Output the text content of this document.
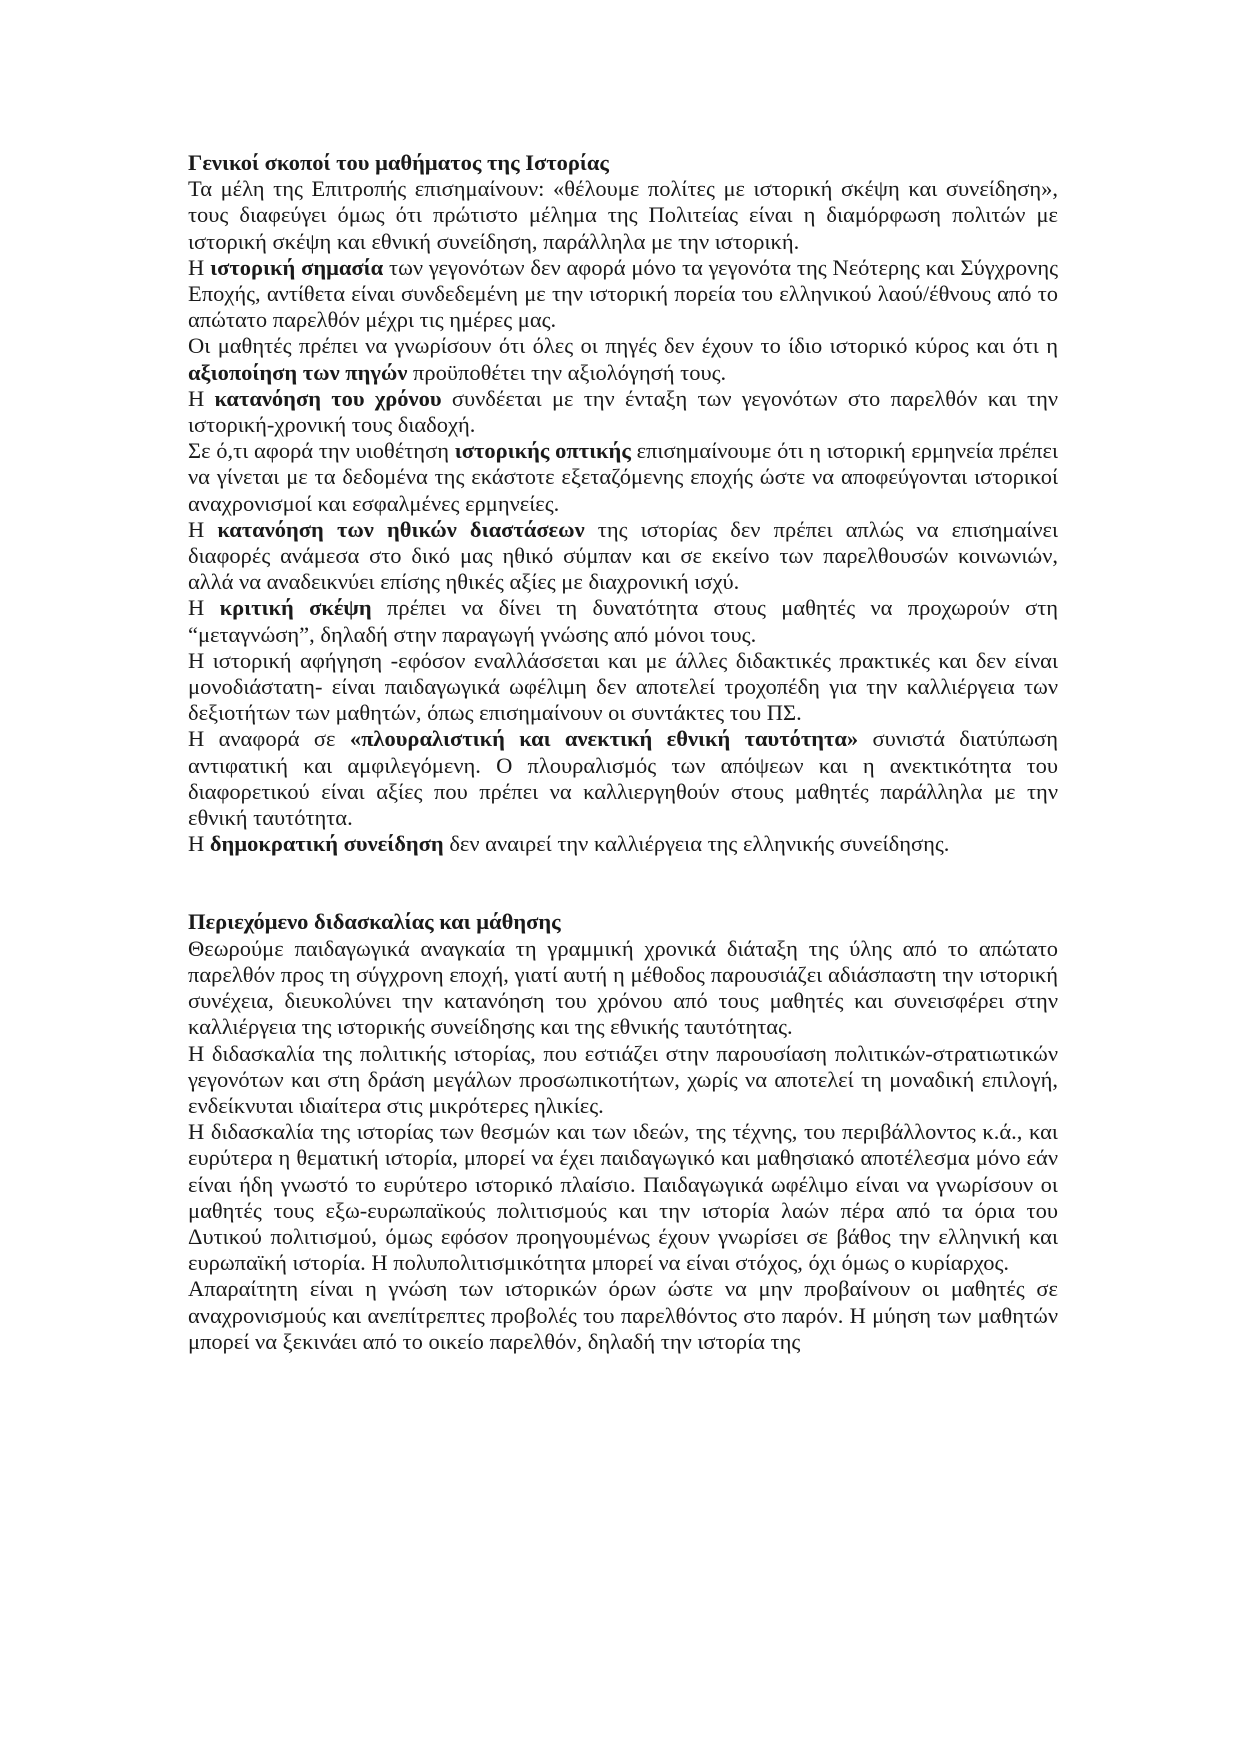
Γενικοί σκοποί του μαθήματος της Ιστορίας

Τα μέλη της Επιτροπής επισημαίνουν: «θέλουμε πολίτες με ιστορική σκέψη και συνείδηση», τους διαφεύγει όμως ότι πρώτιστο μέλημα της Πολιτείας είναι η διαμόρφωση πολιτών με ιστορική σκέψη και εθνική συνείδηση, παράλληλα με την ιστορική.

Η ιστορική σημασία των γεγονότων δεν αφορά μόνο τα γεγονότα της Νεότερης και Σύγχρονης Εποχής, αντίθετα είναι συνδεδεμένη με την ιστορική πορεία του ελληνικού λαού/έθνους από το απώτατο παρελθόν μέχρι τις ημέρες μας.

Οι μαθητές πρέπει να γνωρίσουν ότι όλες οι πηγές δεν έχουν το ίδιο ιστορικό κύρος και ότι η αξιοποίηση των πηγών προϋποθέτει την αξιολόγησή τους.

Η κατανόηση του χρόνου συνδέεται με την ένταξη των γεγονότων στο παρελθόν και την ιστορική-χρονική τους διαδοχή.

Σε ό,τι αφορά την υιοθέτηση ιστορικής οπτικής επισημαίνουμε ότι η ιστορική ερμηνεία πρέπει να γίνεται με τα δεδομένα της εκάστοτε εξεταζόμενης εποχής ώστε να αποφεύγονται ιστορικοί αναχρονισμοί και εσφαλμένες ερμηνείες.

Η κατανόηση των ηθικών διαστάσεων της ιστορίας δεν πρέπει απλώς να επισημαίνει διαφορές ανάμεσα στο δικό μας ηθικό σύμπαν και σε εκείνο των παρελθουσών κοινωνιών, αλλά να αναδεικνύει επίσης ηθικές αξίες με διαχρονική ισχύ.

Η κριτική σκέψη πρέπει να δίνει τη δυνατότητα στους μαθητές να προχωρούν στη “μεταγνώση”, δηλαδή στην παραγωγή γνώσης από μόνοι τους.

Η ιστορική αφήγηση -εφόσον εναλλάσσεται και με άλλες διδακτικές πρακτικές και δεν είναι μονοδιάστατη- είναι παιδαγωγικά ωφέλιμη δεν αποτελεί τροχοπέδη για την καλλιέργεια των δεξιοτήτων των μαθητών, όπως επισημαίνουν οι συντάκτες του ΠΣ.

Η αναφορά σε «πλουραλιστική και ανεκτική εθνική ταυτότητα» συνιστά διατύπωση αντιφατική και αμφιλεγόμενη. Ο πλουραλισμός των απόψεων και η ανεκτικότητα του διαφορετικού είναι αξίες που πρέπει να καλλιεργηθούν στους μαθητές παράλληλα με την εθνική ταυτότητα.

Η δημοκρατική συνείδηση δεν αναιρεί την καλλιέργεια της ελληνικής συνείδησης.

Περιεχόμενο διδασκαλίας και μάθησης

Θεωρούμε παιδαγωγικά αναγκαία τη γραμμική χρονικά διάταξη της ύλης από το απώτατο παρελθόν προς τη σύγχρονη εποχή, γιατί αυτή η μέθοδος παρουσιάζει αδιάσπαστη την ιστορική συνέχεια, διευκολύνει την κατανόηση του χρόνου από τους μαθητές και συνεισφέρει στην καλλιέργεια της ιστορικής συνείδησης και της εθνικής ταυτότητας.

Η διδασκαλία της πολιτικής ιστορίας, που εστιάζει στην παρουσίαση πολιτικών-στρατιωτικών γεγονότων και στη δράση μεγάλων προσωπικοτήτων, χωρίς να αποτελεί τη μοναδική επιλογή, ενδείκνυται ιδιαίτερα στις μικρότερες ηλικίες.

Η διδασκαλία της ιστορίας των θεσμών και των ιδεών, της τέχνης, του περιβάλλοντος κ.ά., και ευρύτερα η θεματική ιστορία, μπορεί να έχει παιδαγωγικό και μαθησιακό αποτέλεσμα μόνο εάν είναι ήδη γνωστό το ευρύτερο ιστορικό πλαίσιο. Παιδαγωγικά ωφέλιμο είναι να γνωρίσουν οι μαθητές τους εξω-ευρωπαϊκούς πολιτισμούς και την ιστορία λαών πέρα από τα όρια του Δυτικού πολιτισμού, όμως εφόσον προηγουμένως έχουν γνωρίσει σε βάθος την ελληνική και ευρωπαϊκή ιστορία. Η πολυπολιτισμικότητα μπορεί να είναι στόχος, όχι όμως ο κυρίαρχος.

Απαραίτητη είναι η γνώση των ιστορικών όρων ώστε να μην προβαίνουν οι μαθητές σε αναχρονισμούς και ανεπίτρεπτες προβολές του παρελθόντος στο παρόν. Η μύηση των μαθητών μπορεί να ξεκινάει από το οικείο παρελθόν, δηλαδή την ιστορία της
